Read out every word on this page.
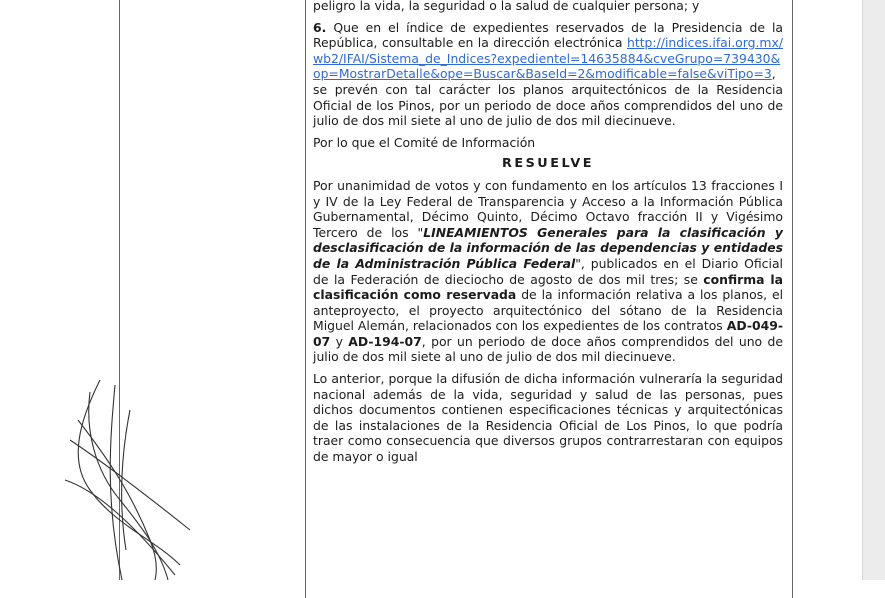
peligro la vida, la seguridad o la salud de cualquier persona; y

6. Que en el índice de expedientes reservados de la Presidencia de la República, consultable en la dirección electrónica http://indices.ifai.org.mx/wb2/IFAI/Sistema_de_Indices?expedientel=14635884&cveGrupo=739430&op=MostrarDetalle&ope=Buscar&BaseId=2&modificable=false&viTipo=3, se prevén con tal carácter los planos arquitectónicos de la Residencia Oficial de los Pinos, por un periodo de doce años comprendidos del uno de julio de dos mil siete al uno de julio de dos mil diecinueve.

Por lo que el Comité de Información

RESUELVE

Por unanimidad de votos y con fundamento en los artículos 13 fracciones I y IV de la Ley Federal de Transparencia y Acceso a la Información Pública Gubernamental, Décimo Quinto, Décimo Octavo fracción II y Vigésimo Tercero de los "LINEAMIENTOS Generales para la clasificación y desclasificación de la información de las dependencias y entidades de la Administración Pública Federal", publicados en el Diario Oficial de la Federación de dieciocho de agosto de dos mil tres; se confirma la clasificación como reservada de la información relativa a los planos, el anteproyecto, el proyecto arquitectónico del sótano de la Residencia Miguel Alemán, relacionados con los expedientes de los contratos AD-049-07 y AD-194-07, por un periodo de doce años comprendidos del uno de julio de dos mil siete al uno de julio de dos mil diecinueve.

Lo anterior, porque la difusión de dicha información vulneraría la seguridad nacional además de la vida, seguridad y salud de las personas, pues dichos documentos contienen especificaciones técnicas y arquitectónicas de las instalaciones de la Residencia Oficial de Los Pinos, lo que podría traer como consecuencia que diversos grupos contrarrestaran con equipos de mayor o igual
